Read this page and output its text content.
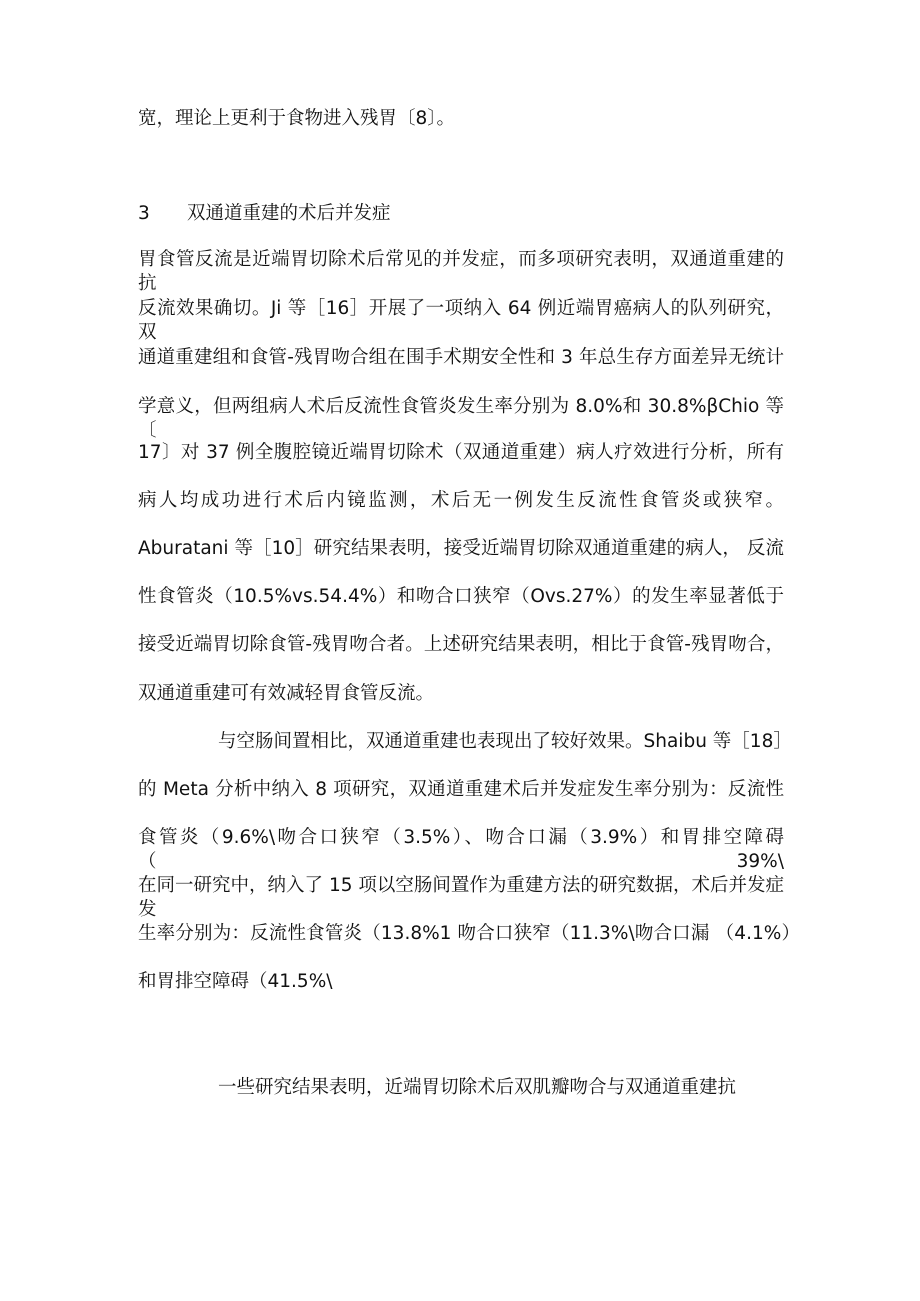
宽，理论上更利于食物进入残胃〔8〕。
3 双通道重建的术后并发症
胃食管反流是近端胃切除术后常见的并发症，而多项研究表明，双通道重建的抗
反流效果确切。Ji 等［16］开展了一项纳入 64 例近端胃癌病人的队列研究，双
通道重建组和食管-残胃吻合组在围手术期安全性和 3 年总生存方面差异无统计
学意义，但两组病人术后反流性食管炎发生率分别为 8.0%和 30.8%βChio 等〔
17〕对 37 例全腹腔镜近端胃切除术（双通道重建）病人疗效进行分析，所有
病人均成功进行术后内镜监测，术后无一例发生反流性食管炎或狭窄。
Aburatani 等［10］研究结果表明，接受近端胃切除双通道重建的病人， 反流
性食管炎（10.5%vs.54.4%）和吻合口狭窄（Ovs.27%）的发生率显著低于
接受近端胃切除食管-残胃吻合者。上述研究结果表明，相比于食管-残胃吻合，
双通道重建可有效减轻胃食管反流。
与空肠间置相比，双通道重建也表现出了较好效果。Shaibu 等［18］
的 Meta 分析中纳入 8 项研究，双通道重建术后并发症发生率分别为：反流性
食管炎（9.6%\吻合口狭窄（3.5%）、吻合口漏（3.9%）和胃排空障碍（39%\
在同一研究中，纳入了 15 项以空肠间置作为重建方法的研究数据，术后并发症发
生率分别为：反流性食管炎（13.8%1 吻合口狭窄（11.3%\吻合口漏 （4.1%）
和胃排空障碍（41.5%\
一些研究结果表明，近端胃切除术后双肌瓣吻合与双通道重建抗
